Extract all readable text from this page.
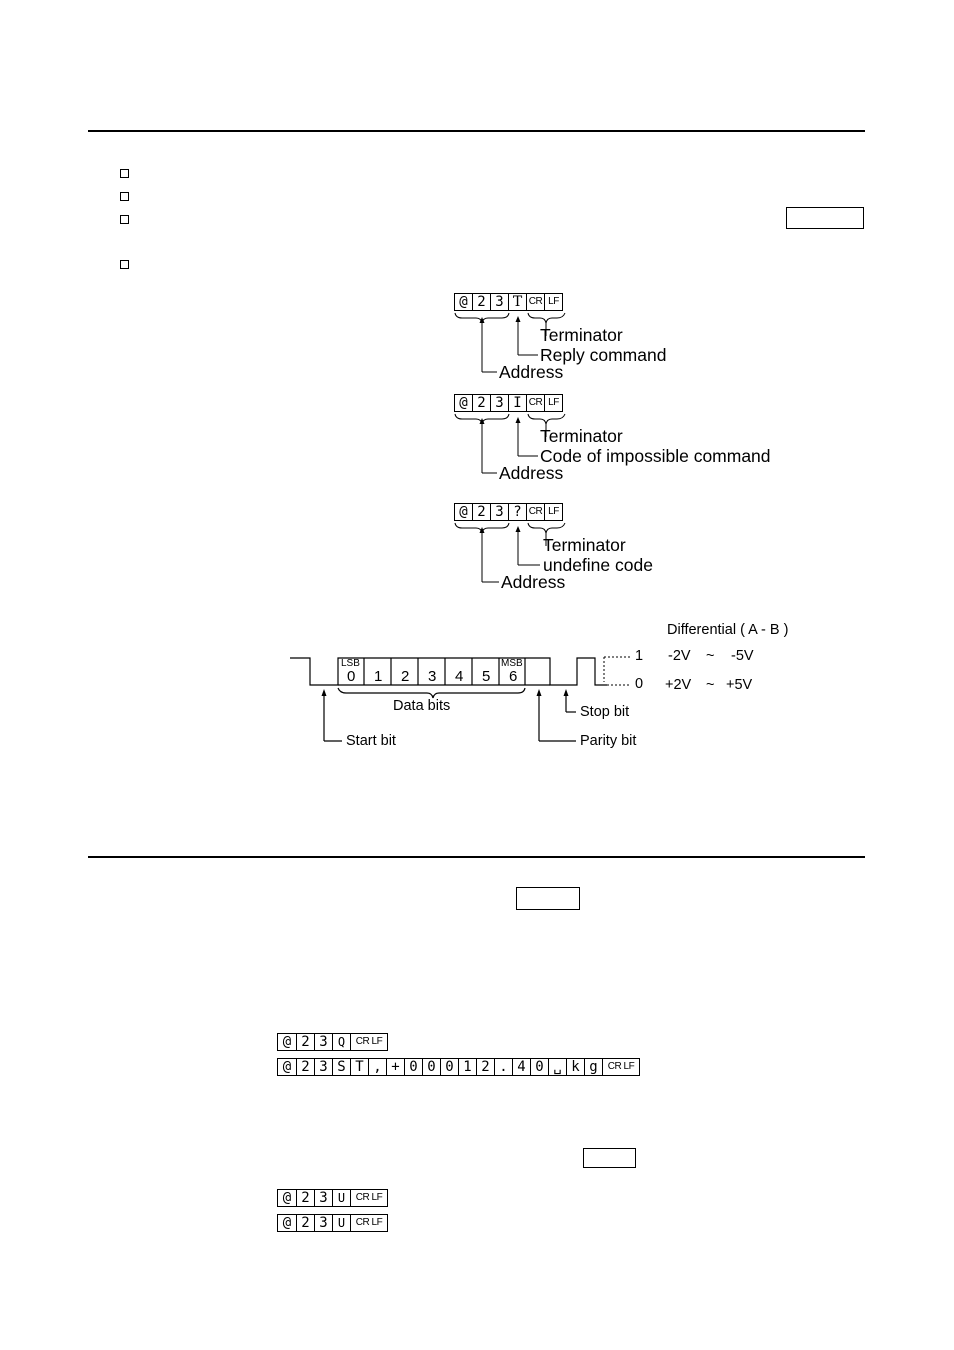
@ 2 3 T C R L F
Terminator
Reply command
Address
@ 2 3 I C R L F
Terminator
Code of impossible command
Address
@ 2 3 ? C R L F
Terminator
undefine code
Address
LSB	MSB
0 1 2 3 4 5 6
Data bits
Start bit	Parity bit
Stop bit
Differential ( A - B )
1
0
-2V ~ -5V
+2V ~ +5V
@ 2 3 Q	C R L F
@ 2 3 S T , + 0 0 0 1 2 . 4 0 ␣ k g	C R L F
@ 2 3 U	C R L F
@ 2 3 U	C R L F
